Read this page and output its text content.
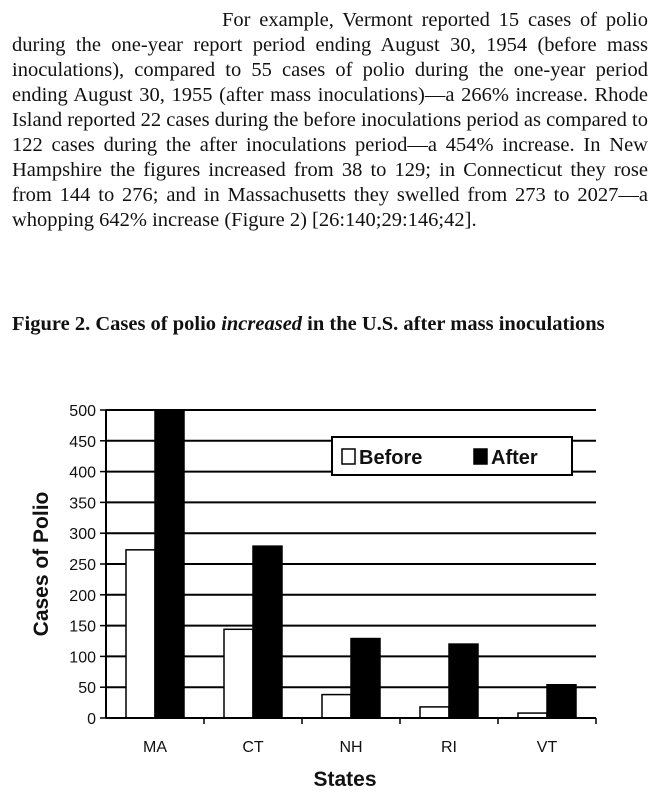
For example, Vermont reported 15 cases of polio during the one-year report period ending August 30, 1954 (before mass inoculations), compared to 55 cases of polio during the one-year period ending August 30, 1955 (after mass inoculations)—a 266% increase. Rhode Island reported 22 cases during the before inoculations period as compared to 122 cases during the after inoculations period—a 454% increase. In New Hampshire the figures increased from 38 to 129; in Connecticut they rose from 144 to 276; and in Massachusetts they swelled from 273 to 2027—a whopping 642% increase (Figure 2) [26:140;29:146;42].

Figure 2. Cases of polio increased in the U.S. after mass inoculations
0
50
100
150
200
250
300
350
400
450
500
MA	CT	NH	RI	VT
States
Cases of Polio
Before	After
